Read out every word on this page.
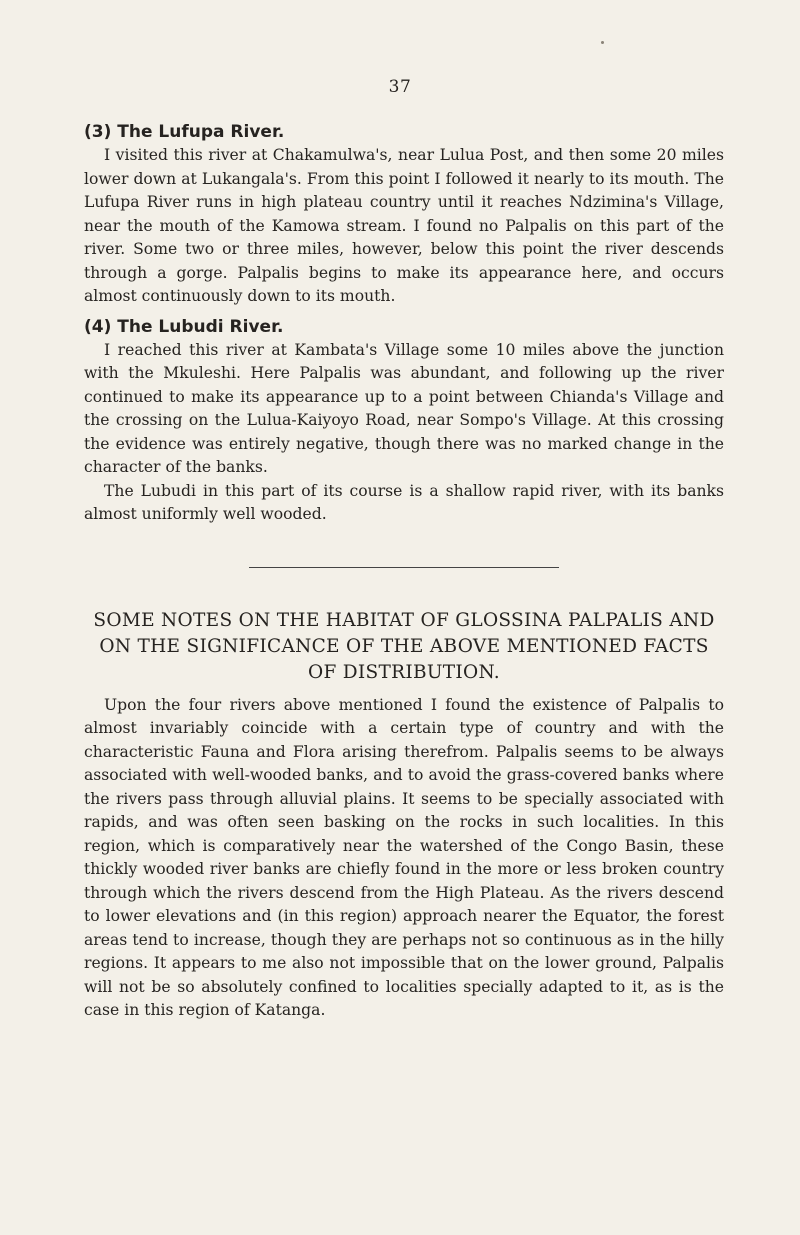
37
(3) The Lufupa River.

I visited this river at Chakamulwa's, near Lulua Post, and then some 20 miles lower down at Lukangala's. From this point I followed it nearly to its mouth. The Lufupa River runs in high plateau country until it reaches Ndzimina's Village, near the mouth of the Kamowa stream. I found no Palpalis on this part of the river. Some two or three miles, however, below this point the river descends through a gorge. Palpalis begins to make its appearance here, and occurs almost continuously down to its mouth.

(4) The Lubudi River.

I reached this river at Kambata's Village some 10 miles above the junction with the Mkuleshi. Here Palpalis was abundant, and following up the river continued to make its appearance up to a point between Chianda's Village and the crossing on the Lulua-Kaiyoyo Road, near Sompo's Village. At this crossing the evidence was entirely negative, though there was no marked change in the character of the banks.

The Lubudi in this part of its course is a shallow rapid river, with its banks almost uniformly well wooded.

SOME NOTES ON THE HABITAT OF GLOSSINA PALPALIS AND
ON THE SIGNIFICANCE OF THE ABOVE MENTIONED FACTS
OF DISTRIBUTION.

Upon the four rivers above mentioned I found the existence of Palpalis to almost invariably coincide with a certain type of country and with the characteristic Fauna and Flora arising therefrom. Palpalis seems to be always associated with well-wooded banks, and to avoid the grass-covered banks where the rivers pass through alluvial plains. It seems to be specially associated with rapids, and was often seen basking on the rocks in such localities. In this region, which is comparatively near the watershed of the Congo Basin, these thickly wooded river banks are chiefly found in the more or less broken country through which the rivers descend from the High Plateau. As the rivers descend to lower elevations and (in this region) approach nearer the Equator, the forest areas tend to increase, though they are perhaps not so continuous as in the hilly regions. It appears to me also not impossible that on the lower ground, Palpalis will not be so absolutely confined to localities specially adapted to it, as is the case in this region of Katanga.
